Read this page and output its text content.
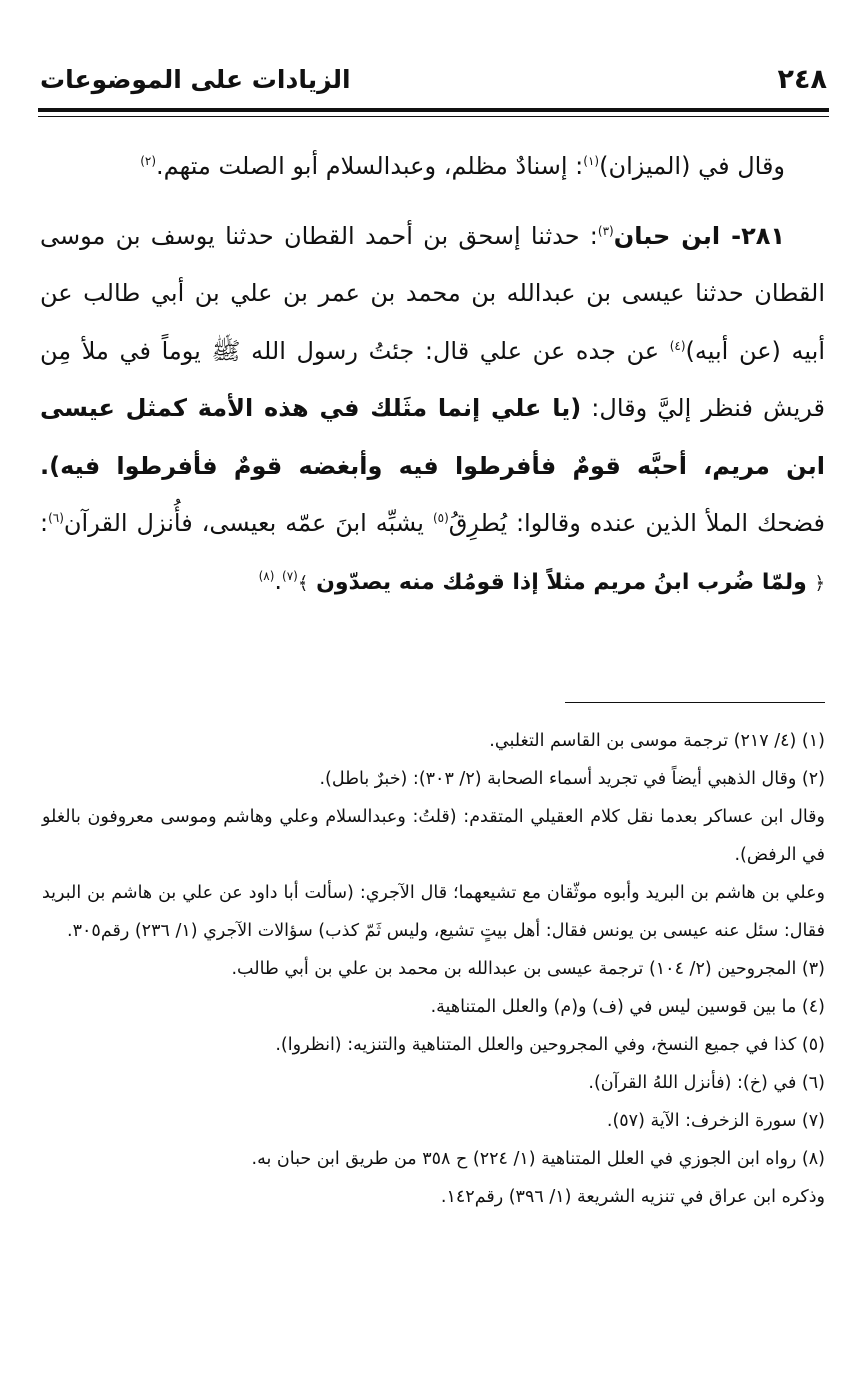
٢٤٨
الزيادات على الموضوعات

وقال في (الميزان)$^{(١)}$: إسنادٌ مظلم، وعبدالسلام أبو الصلت متهم.$^{(٢)}$

٢٨١- ابن حبان$^{(٣)}$: حدثنا إسحق بن أحمد القطان حدثنا يوسف بن موسى القطان حدثنا عيسى بن عبدالله بن محمد بن عمر بن علي بن أبي طالب عن أبيه (عن أبيه)$^{(٤)}$ عن جده عن علي قال: جئتُ رسول الله ﷺ يوماً في ملأ مِن قريش فنظر إليَّ وقال: (يا علي إنما مثَلك في هذه الأمة كمثل عيسى ابن مريم، أحبَّه قومٌ فأفرطوا فيه وأبغضه قومٌ فأفرطوا فيه). فضحك الملأ الذين عنده وقالوا: يُطرِقُ$^{(٥)}$ يشبِّه ابنَ عمّه بعيسى، فأُنزل القرآن$^{(٦)}$: ﴿ ولمّا ضُرب ابنُ مريم مثلاً إذا قومُك منه يصدّون ﴾$^{(٧)}$.$^{(٨)}$

(١) (٤/ ٢١٧) ترجمة موسى بن القاسم التغلبي.

(٢) وقال الذهبي أيضاً في تجريد أسماء الصحابة (٢/ ٣٠٣): (خبرٌ باطل).

وقال ابن عساكر بعدما نقل كلام العقيلي المتقدم: (قلتُ: وعبدالسلام وعلي وهاشم وموسى معروفون بالغلو في الرفض).

وعلي بن هاشم بن البريد وأبوه موثّقان مع تشيعهما؛ قال الآجري: (سألت أبا داود عن علي بن هاشم بن البريد فقال: سئل عنه عيسى بن يونس فقال: أهل بيتٍ تشيع، وليس ثَمّ كذب) سؤالات الآجري (١/ ٢٣٦) رقم٣٠٥.

(٣) المجروحين (٢/ ١٠٤) ترجمة عيسى بن عبدالله بن محمد بن علي بن أبي طالب.

(٤) ما بين قوسين ليس في (ف) و(م) والعلل المتناهية.

(٥) كذا في جميع النسخ، وفي المجروحين والعلل المتناهية والتنزيه: (انظروا).

(٦) في (خ): (فأنزل اللهُ القرآن).

(٧) سورة الزخرف: الآية (٥٧).

(٨) رواه ابن الجوزي في العلل المتناهية (١/ ٢٢٤) ح ٣٥٨ من طريق ابن حبان به.

وذكره ابن عراق في تنزيه الشريعة (١/ ٣٩٦) رقم١٤٢.
